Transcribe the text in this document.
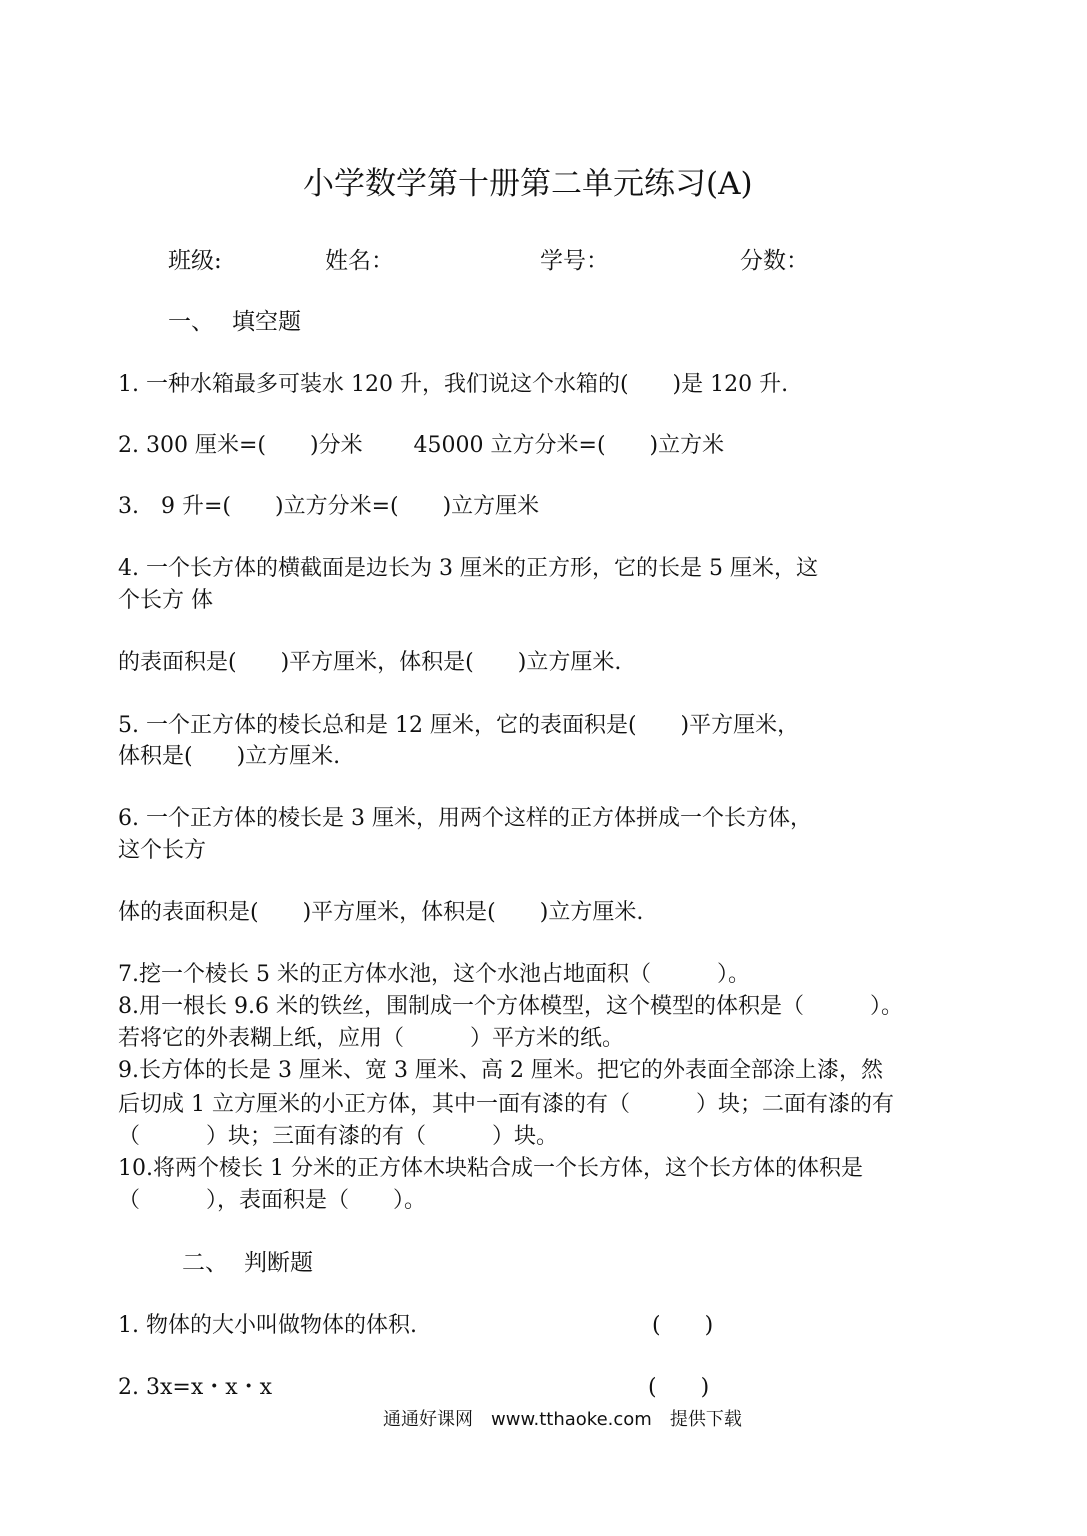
小学数学第十册第二单元练习(A)
班级:	姓名：	学号：	分数：
一、 填空题
1. 一种水箱最多可装水 120 升，我们说这个水箱的(　　)是 120 升.
2. 300 厘米=(　　)分米　　 45000 立方分米=(　　)立方米
3.　9 升=(　　)立方分米=(　　)立方厘米
4. 一个长方体的横截面是边长为 3 厘米的正方形，它的长是 5 厘米，这
个长方 体
的表面积是(　　)平方厘米，体积是(　　)立方厘米.
5. 一个正方体的棱长总和是 12 厘米，它的表面积是(　　)平方厘米，
体积是(　　)立方厘米.
6. 一个正方体的棱长是 3 厘米，用两个这样的正方体拼成一个长方体，
这个长方
体的表面积是(　　)平方厘米，体积是(　　)立方厘米.
7.挖一个棱长 5 米的正方体水池，这个水池占地面积（　　　）。
8.用一根长 9.6 米的铁丝，围制成一个方体模型，这个模型的体积是（　　　）。
若将它的外表糊上纸，应用（　　　）平方米的纸。
9.长方体的长是 3 厘米、宽 3 厘米、高 2 厘米。把它的外表面全部涂上漆，然
后切成 1 立方厘米的小正方体，其中一面有漆的有（　　　）块；二面有漆的有
（　　　）块；三面有漆的有（　　　）块。
10.将两个棱长 1 分米的正方体木块粘合成一个长方体，这个长方体的体积是
（　　　），表面积是（　　）。
二、 判断题
1. 物体的大小叫做物体的体积.	(　　)
2. 3x=x・x・x	(　　)
通通好课网　www.tthaoke.com　提供下载
